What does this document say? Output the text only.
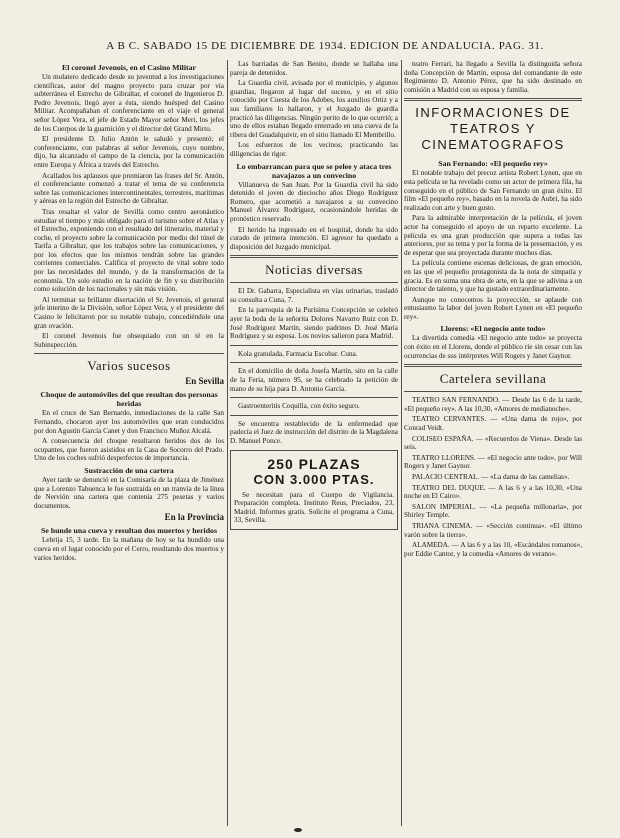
A B C. SABADO 15 DE DICIEMBRE DE 1934. EDICION DE ANDALUCIA. PAG. 31.

El coronel Jevenois, en el Casino Militar

Un mulatero dedicado desde su juventud a los investigaciones científicas, autor del magno proyecto para cruzar por vía subterránea el Estrecho de Gibraltar, el coronel de Ingenieros D. Pedro Jevenois, llegó ayer a ésta, siendo huésped del Casino Militar. Acompañaban el conferenciante en el viaje el general señor López Vera, el jefe de Estado Mayor señor Meri, los jefes de los Cuerpos de la guarnición y el director del Grand Mirto.

El presidente D. Julio Antón le saludó y presentó; el conferenciante, con palabras al señor Jevenois, cuyo nombre, dijo, ha alcanzado el campo de la ciencia, por la comunicación entre Europa y África a través del Estrecho.

Acallados los aplausos que premiaron las frases del Sr. Antón, el conferenciante comenzó a tratar el tema de su conferencia sobre las comunicaciones intercontinentales, terrestres, marítimas y aéreas en la región del Estrecho de Gibraltar.

Tras resaltar el valor de Sevilla como centro aeronáutico estudiar el tiempo y más obligado para el turismo sobre el Atlas y el Estrecho, exponiendo con el resultado del itinerario, material y coche, el proyecto sobre la comunicación por medio del túnel de Tarifa a Gibraltar, que los trabajos sobre las comunicaciones, y por los efectos que los mismos tendrán sobre las grandes corrientes comerciales. Califica el proyecto de vital sobre todo por las necesidades del mundo, y de la transformación de la economía. Un solo estudio en la nación de fin y su distribución como solución de los nacionales y sin más visión.

Al terminar su brillante disertación el Sr. Jevenois, el general jefe interino de la División, señor López Vera, y el presidente del Casino le felicitaron por su notable trabajo, concediéndole una gran ovación.

El coronel Jevenois fue obsequiado con un té en la Subinspección.

Varios sucesos
En Sevilla

Choque de automóviles del que resultan dos personas heridas

En el cruce de San Bernardo, inmediaciones de la calle San Fernando, chocaron ayer los automóviles que eran conducidos por don Agustín García Canet y don Francisco Muñoz Alcalá.

A consecuencia del choque resultaron heridos dos de los ocupantes, que fueron asistidos en la Casa de Socorro del Prado. Uno de los coches sufrió desperfectos de importancia.

Sustracción de una cartera

Ayer tarde se denunció en la Comisaría de la plaza de Jiménez que a Lorenzo Tabuenca le fue sustraída en un tranvía de la línea de Nervión una cartera que contenía 275 pesetas y varios documentos.

En la Provincia

Se hunde una cueva y resultan dos muertos y heridos

Lebrija 15, 3 tarde. En la mañana de hoy se ha hundido una cueva en el lugar conocido por el Cerro, resultando dos muertos y varios heridos.

Las barriadas de San Benito, donde se hallaba una pareja de detenidos.

La Guardia civil, avisada por el municipio, y algunos guardias, llegaron al lugar del suceso, y en el sitio conocido por Cuesta de los Adobes, los auxilios Ortiz y a sus familiares lo hallaron, y el Juzgado de guardia practicó las diligencias. Ningún perito de lo que ocurrió; a uno de ellos estaban llegado enterrado en una cueva de la ribera del Guadalquivir, en el sitio llamado El Membrillo.

Los esfuerzos de los vecinos; practicando las diligencias de rigor.

Lo embarrancan para que se pelee y ataca tres navajazos a un convecino

Villanueva de San Juan. Por la Guardia civil ha sido detenido el joven de dieciocho años Diego Rodríguez Romero, que acometió a navajazos a su convecino Manuel Álvarez Rodríguez, ocasionándole heridas de pronóstico reservado.

El herido ha ingresado en el hospital, donde ha sido curado de primera intención. El agresor ha quedado a disposición del Juzgado municipal.

Noticias diversas

El Dr. Gabarra, Especialista en vías urinarias, trasladó su consulta a Cuna, 7.

En la parroquia de la Purísima Concepción se celebró ayer la boda de la señorita Dolores Navarro Ruiz con D. José Rodríguez Martín, siendo padrinos D. José María Rodríguez y su esposa. Los novios salieron para Madrid.

Kola granulada, Farmacia Escobar. Cuna.

En el domicilio de doña Josefa Martín, sito en la calle de la Feria, número 95, se ha celebrado la petición de mano de su hija para D. Antonio García.

Gastroenteritis Coquilla, con éxito seguro.

Se encuentra restablecido de la enfermedad que padecía el Juez de instrucción del distrito de la Magdalena D. Manuel Ponce.

250 PLAZAS
CON 3.000 PTAS.

Se necesitan para el Cuerpo de Vigilancia. Preparación completa. Instituto Reus, Preciados, 23, Madrid. Informes gratis. Solicite el programa a Cuna, 33, Sevilla.

teatro Ferrari, ha llegado a Sevilla la distinguida señora doña Concepción de Martín, esposa del comandante de este Regimiento D. Antonio Pérez, que ha sido destinado en comisión a Madrid con su esposa y familia.

INFORMACIONES DE TEATROS Y CINEMATOGRAFOS

San Fernando: «El pequeño rey»

El notable trabajo del precoz artista Robert Lynen, que en esta película se ha revelado como un actor de primera fila, ha conseguido en el público de San Fernando un gran éxito. El film «El pequeño rey», basado en la novela de Aubri, ha sido realizado con arte y buen gusto.

Para la admirable interpretación de la película, el joven actor ha conseguido el apoyo de un reparto excelente. La película es una gran producción que supera a todas las anteriores, por su tema y por la forma de la presentación, y es de esperar que sea proyectada durante muchos días.

La película contiene escenas deliciosas, de gran emoción, en las que el pequeño protagonista da la nota de simpatía y gracia. Es en suma una obra de arte, en la que se adivina a un director de talento, y que ha gustado extraordinariamente.

Aunque no conocemos la proyección, se aplaude con entusiasmo la labor del joven Robert Lynen en «El pequeño rey».

Llorens: «El negocio ante todo»

La divertida comedia «El negocio ante todo» se proyecta con éxito en el Llorens, donde el público ríe sin cesar con las ocurrencias de sus intérpretes Will Rogers y Janet Gaynor.

Cartelera sevillana

TEATRO SAN FERNANDO. — Desde las 6 de la tarde, «El pequeño rey». A las 10,30, «Amores de medianoche».

TEATRO CERVANTES. — «Una dama de rojo», por Conrad Veidt.

COLISEO ESPAÑA. — «Recuerdos de Viena». Desde las seis.

TEATRO LLORENS. — «El negocio ante todo», por Will Rogers y Janet Gaynor.

PALACIO CENTRAL. — «La dama de las camelias».

TEATRO DEL DUQUE. — A las 6 y a las 10,30, «Una noche en El Cairo».

SALON IMPERIAL. — «La pequeña millonaria», por Shirley Temple.

TRIANA CINEMA. — «Sección continua». «El último varón sobre la tierra».

ALAMEDA. — A las 6 y a las 10, «Escándalos romanos», por Eddie Cantor, y la comedia «Amores de verano».
